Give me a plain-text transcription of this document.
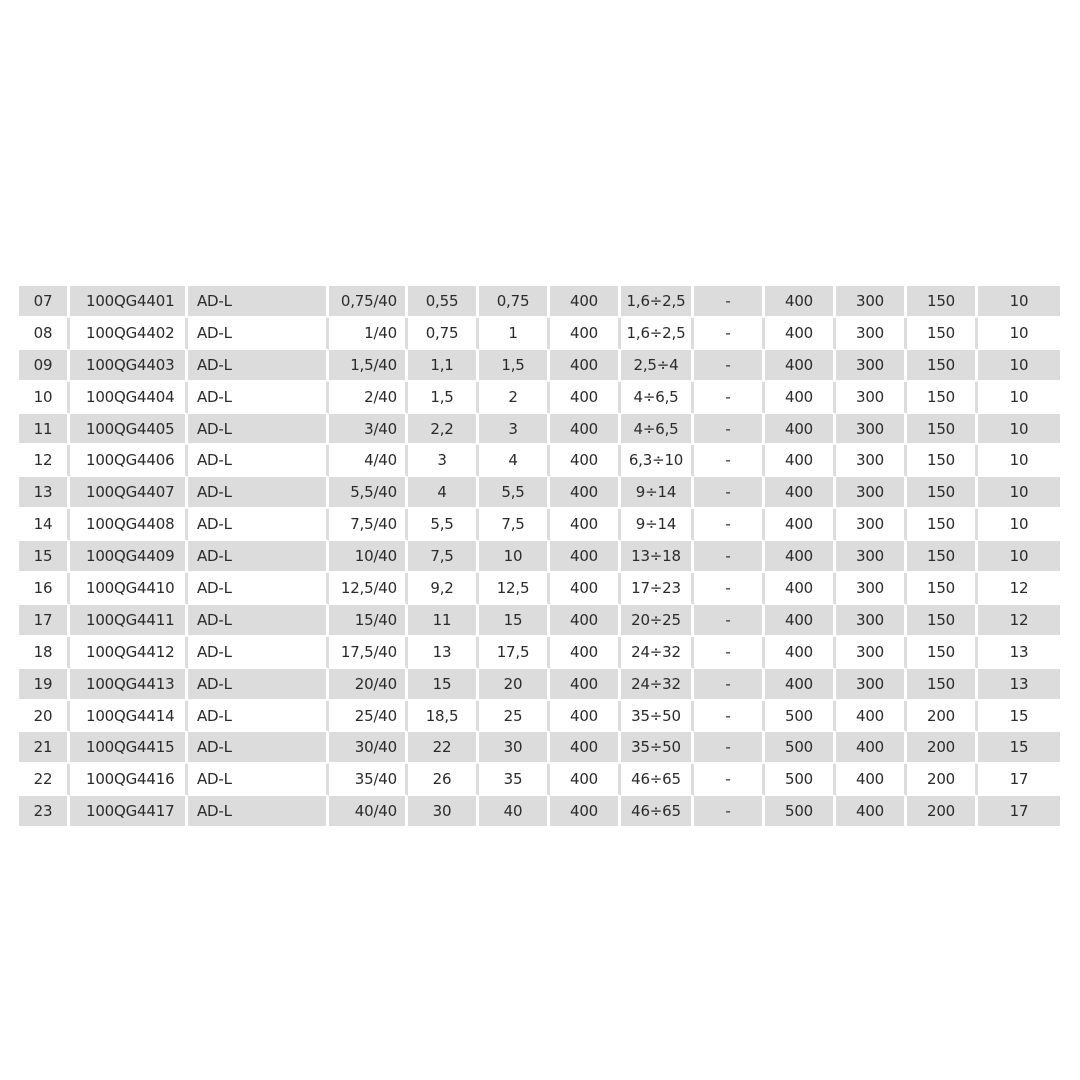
07	100QG4401	AD-L	0,75/40	0,55	0,75	400	1,6÷2,5	-	400	300	150	10
08	100QG4402	AD-L	1/40	0,75	1	400	1,6÷2,5	-	400	300	150	10
09	100QG4403	AD-L	1,5/40	1,1	1,5	400	2,5÷4	-	400	300	150	10
10	100QG4404	AD-L	2/40	1,5	2	400	4÷6,5	-	400	300	150	10
11	100QG4405	AD-L	3/40	2,2	3	400	4÷6,5	-	400	300	150	10
12	100QG4406	AD-L	4/40	3	4	400	6,3÷10	-	400	300	150	10
13	100QG4407	AD-L	5,5/40	4	5,5	400	9÷14	-	400	300	150	10
14	100QG4408	AD-L	7,5/40	5,5	7,5	400	9÷14	-	400	300	150	10
15	100QG4409	AD-L	10/40	7,5	10	400	13÷18	-	400	300	150	10
16	100QG4410	AD-L	12,5/40	9,2	12,5	400	17÷23	-	400	300	150	12
17	100QG4411	AD-L	15/40	11	15	400	20÷25	-	400	300	150	12
18	100QG4412	AD-L	17,5/40	13	17,5	400	24÷32	-	400	300	150	13
19	100QG4413	AD-L	20/40	15	20	400	24÷32	-	400	300	150	13
20	100QG4414	AD-L	25/40	18,5	25	400	35÷50	-	500	400	200	15
21	100QG4415	AD-L	30/40	22	30	400	35÷50	-	500	400	200	15
22	100QG4416	AD-L	35/40	26	35	400	46÷65	-	500	400	200	17
23	100QG4417	AD-L	40/40	30	40	400	46÷65	-	500	400	200	17
